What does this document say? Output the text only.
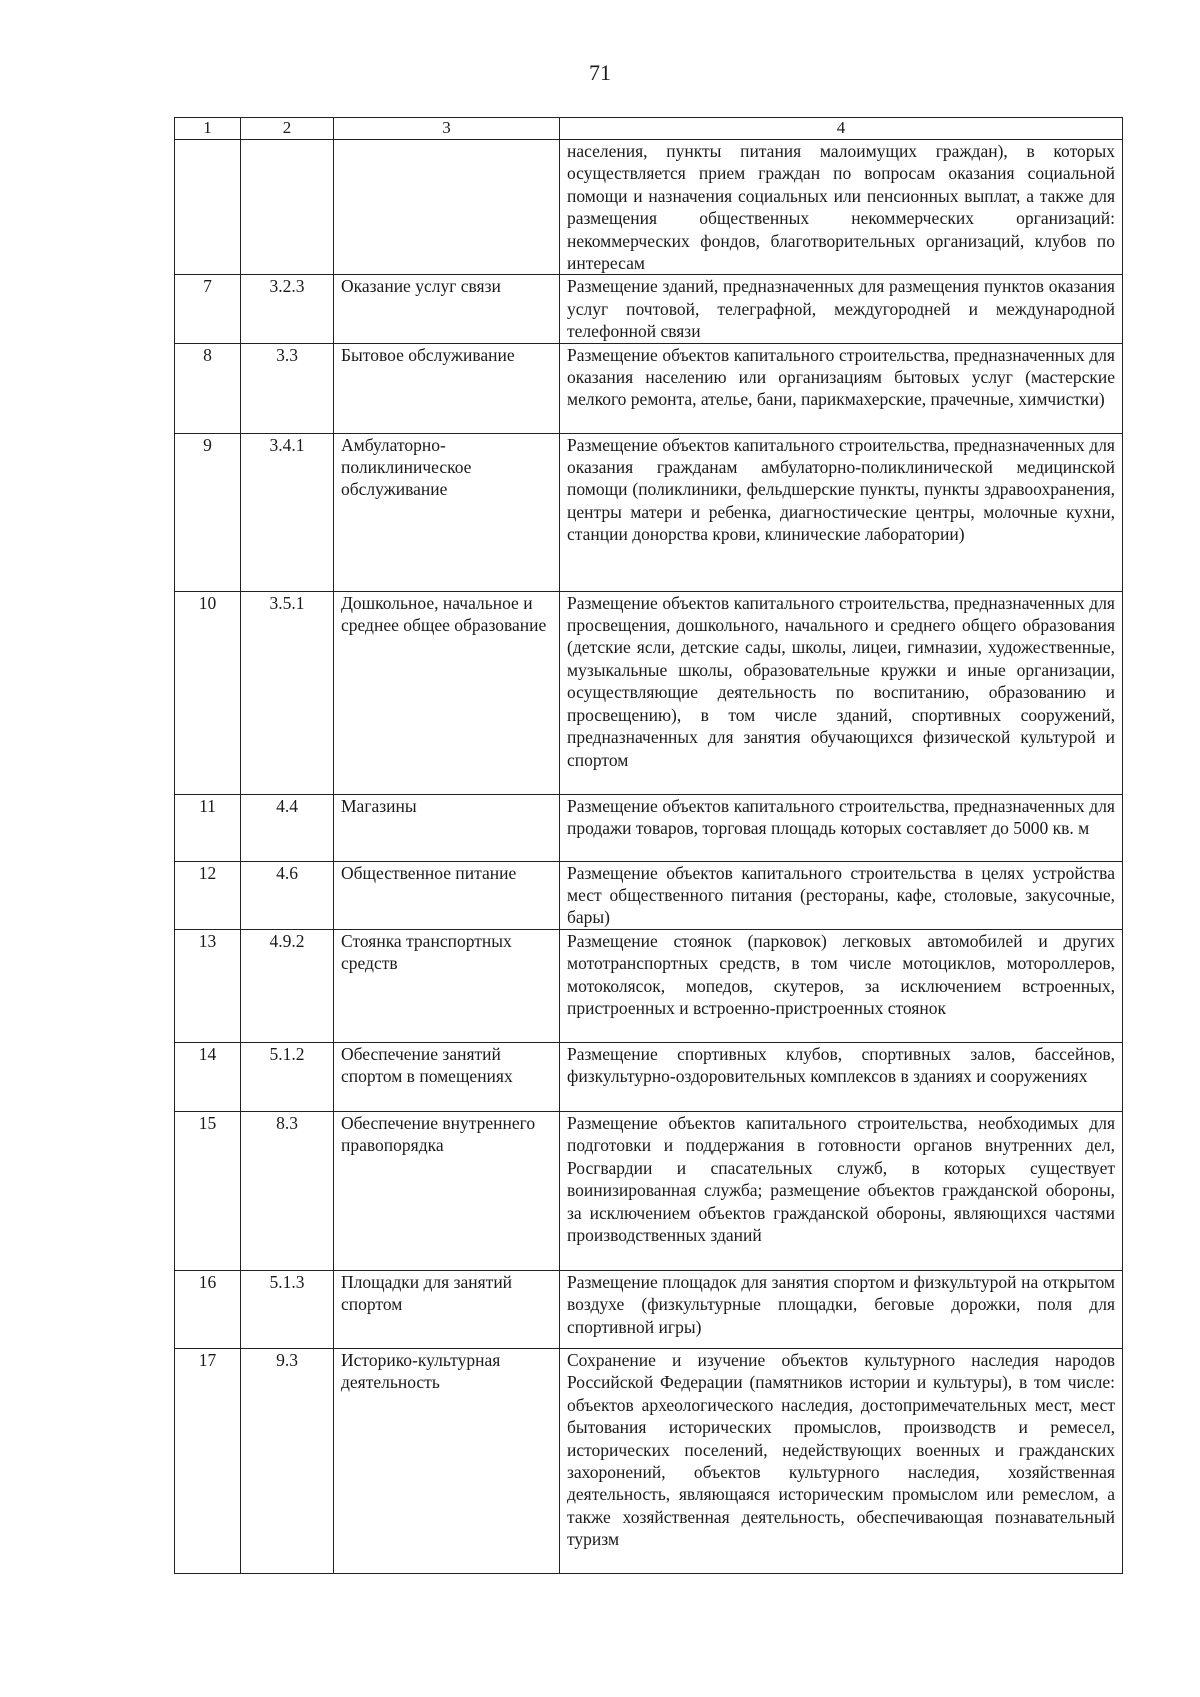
71
1	2	3	4
			населения, пункты питания малоимущих граждан), в которых осуществляется прием граждан по вопросам оказания социальной помощи и назначения социальных или пенсионных выплат, а также для размещения общественных некоммерческих организаций: некоммерческих фондов, благотворительных организаций, клубов по интересам
7	3.2.3	Оказание услуг связи	Размещение зданий, предназначенных для размещения пунктов оказания услуг почтовой, телеграфной, междугородней и международной телефонной связи
8	3.3	Бытовое обслуживание	Размещение объектов капитального строительства, предназначенных для оказания населению или организациям бытовых услуг (мастерские мелкого ремонта, ателье, бани, парикмахерские, прачечные, химчистки)
9	3.4.1	Амбулаторно-поликлиническое обслуживание	Размещение объектов капитального строительства, предназначенных для оказания гражданам амбулаторно-поликлинической медицинской помощи (поликлиники, фельдшерские пункты, пункты здравоохранения, центры матери и ребенка, диагностические центры, молочные кухни, станции донорства крови, клинические лаборатории)
10	3.5.1	Дошкольное, начальное и среднее общее образование	Размещение объектов капитального строительства, предназначенных для просвещения, дошкольного, начального и среднего общего образования (детские ясли, детские сады, школы, лицеи, гимназии, художественные, музыкальные школы, образовательные кружки и иные организации, осуществляющие деятельность по воспитанию, образованию и просвещению), в том числе зданий, спортивных сооружений, предназначенных для занятия обучающихся физической культурой и спортом
11	4.4	Магазины	Размещение объектов капитального строительства, предназначенных для продажи товаров, торговая площадь которых составляет до 5000 кв. м
12	4.6	Общественное питание	Размещение объектов капитального строительства в целях устройства мест общественного питания (рестораны, кафе, столовые, закусочные, бары)
13	4.9.2	Стоянка транспортных средств	Размещение стоянок (парковок) легковых автомобилей и других мототранспортных средств, в том числе мотоциклов, мотороллеров, мотоколясок, мопедов, скутеров, за исключением встроенных, пристроенных и встроенно-пристроенных стоянок
14	5.1.2	Обеспечение занятий спортом в помещениях	Размещение спортивных клубов, спортивных залов, бассейнов, физкультурно-оздоровительных комплексов в зданиях и сооружениях
15	8.3	Обеспечение внутреннего правопорядка	Размещение объектов капитального строительства, необходимых для подготовки и поддержания в готовности органов внутренних дел, Росгвардии и спасательных служб, в которых существует воинизированная служба; размещение объектов гражданской обороны, за исключением объектов гражданской обороны, являющихся частями производственных зданий
16	5.1.3	Площадки для занятий спортом	Размещение площадок для занятия спортом и физкультурой на открытом воздухе (физкультурные площадки, беговые дорожки, поля для спортивной игры)
17	9.3	Историко-культурная деятельность	Сохранение и изучение объектов культурного наследия народов Российской Федерации (памятников истории и культуры), в том числе: объектов археологического наследия, достопримечательных мест, мест бытования исторических промыслов, производств и ремесел, исторических поселений, недействующих военных и гражданских захоронений, объектов культурного наследия, хозяйственная деятельность, являющаяся историческим промыслом или ремеслом, а также хозяйственная деятельность, обеспечивающая познавательный туризм
